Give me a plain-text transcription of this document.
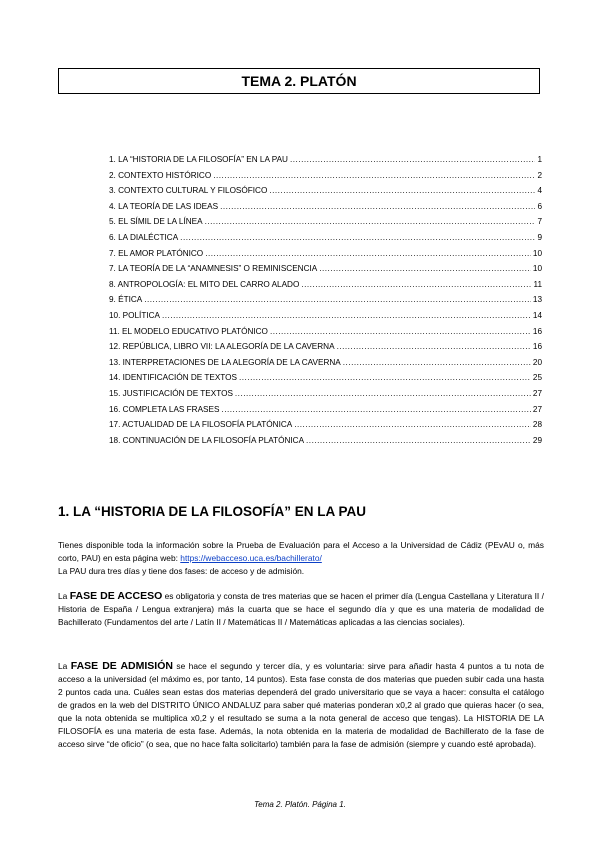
TEMA 2. PLATÓN
1. LA “HISTORIA DE LA FILOSOFÍA” EN LA PAU .....	1
2. CONTEXTO HISTÓRICO .....	2
3. CONTEXTO CULTURAL Y FILOSÓFICO .....	4
4. LA TEORÍA DE LAS IDEAS .....	6
5. EL SÍMIL DE LA LÍNEA .....	7
6. LA DIALÉCTICA .....	9
7. EL AMOR PLATÓNICO .....	10
7. LA TEORÍA DE LA “ANAMNESIS” O REMINISCENCIA .....	10
8. ANTROPOLOGÍA: EL MITO DEL CARRO ALADO .....	11
9. ÉTICA .....	13
10. POLÍTICA .....	14
11. EL MODELO EDUCATIVO PLATÓNICO .....	16
12. REPÚBLICA, LIBRO VII: LA ALEGORÍA DE LA CAVERNA .....	16
13. INTERPRETACIONES DE LA ALEGORÍA DE LA CAVERNA .....	20
14. IDENTIFICACIÓN DE TEXTOS .....	25
15. JUSTIFICACIÓN DE TEXTOS .....	27
16. COMPLETA LAS FRASES .....	27
17. ACTUALIDAD DE LA FILOSOFÍA PLATÓNICA .....	28
18. CONTINUACIÓN DE LA FILOSOFÍA PLATÓNICA .....	29
1. LA “HISTORIA DE LA FILOSOFÍA” EN LA PAU

Tienes disponible toda la información sobre la Prueba de Evaluación para el Acceso a la Universidad de Cádiz (PEvAU o, más corto, PAU) en esta página web: https://webacceso.uca.es/bachillerato/
La PAU dura tres días y tiene dos fases: de acceso y de admisión.

La FASE DE ACCESO es obligatoria y consta de tres materias que se hacen el primer día (Lengua Castellana y Literatura II / Historia de España / Lengua extranjera) más la cuarta que se hace el segundo día y que es una materia de modalidad de Bachillerato (Fundamentos del arte / Latín II / Matemáticas II / Matemáticas aplicadas a las ciencias sociales).

La FASE DE ADMISIÓN se hace el segundo y tercer día, y es voluntaria: sirve para añadir hasta 4 puntos a tu nota de acceso a la universidad (el máximo es, por tanto, 14 puntos). Esta fase consta de dos materias que pueden subir cada una hasta 2 puntos cada una. Cuáles sean estas dos materias dependerá del grado universitario que se vaya a hacer: consulta el catálogo de grados en la web del DISTRITO ÚNICO ANDALUZ para saber qué materias ponderan x0,2 al grado que quieras hacer (o sea, que la nota obtenida se multiplica x0,2 y el resultado se suma a la nota general de acceso que tengas). La HISTORIA DE LA FILOSOFÍA es una materia de esta fase. Además, la nota obtenida en la materia de modalidad de Bachillerato de la fase de acceso sirve “de oficio” (o sea, que no hace falta solicitarlo) también para la fase de admisión (siempre y cuando esté aprobada).

Tema 2. Platón. Página 1.
